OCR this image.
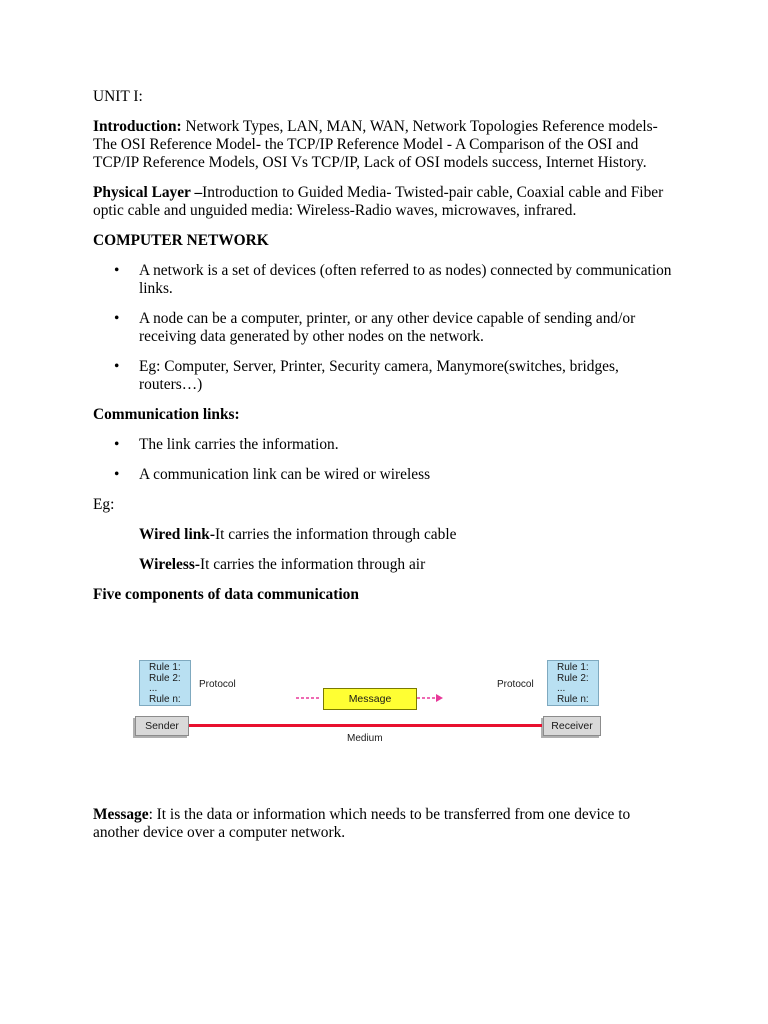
UNIT I:

Introduction: Network Types, LAN, MAN, WAN, Network Topologies Reference models- The OSI Reference Model- the TCP/IP Reference Model - A Comparison of the OSI and TCP/IP Reference Models, OSI Vs TCP/IP, Lack of OSI models success, Internet History.

Physical Layer –Introduction to Guided Media- Twisted-pair cable, Coaxial cable and Fiber optic cable and unguided media: Wireless-Radio waves, microwaves, infrared.

COMPUTER NETWORK

• A network is a set of devices (often referred to as nodes) connected by communication links.
• A node can be a computer, printer, or any other device capable of sending and/or receiving data generated by other nodes on the network.
• Eg: Computer, Server, Printer, Security camera, Manymore(switches, bridges, routers…)

Communication links:

• The link carries the information.
• A communication link can be wired or wireless

Eg:

Wired link-It carries the information through cable

Wireless-It carries the information through air

Five components of data communication

Rule 1:
Rule 2:
...
Rule n:
Protocol
Rule 1:
Rule 2:
...
Rule n:
Protocol
Message
Sender	Receiver
Medium

Message: It is the data or information which needs to be transferred from one device to another device over a computer network.
